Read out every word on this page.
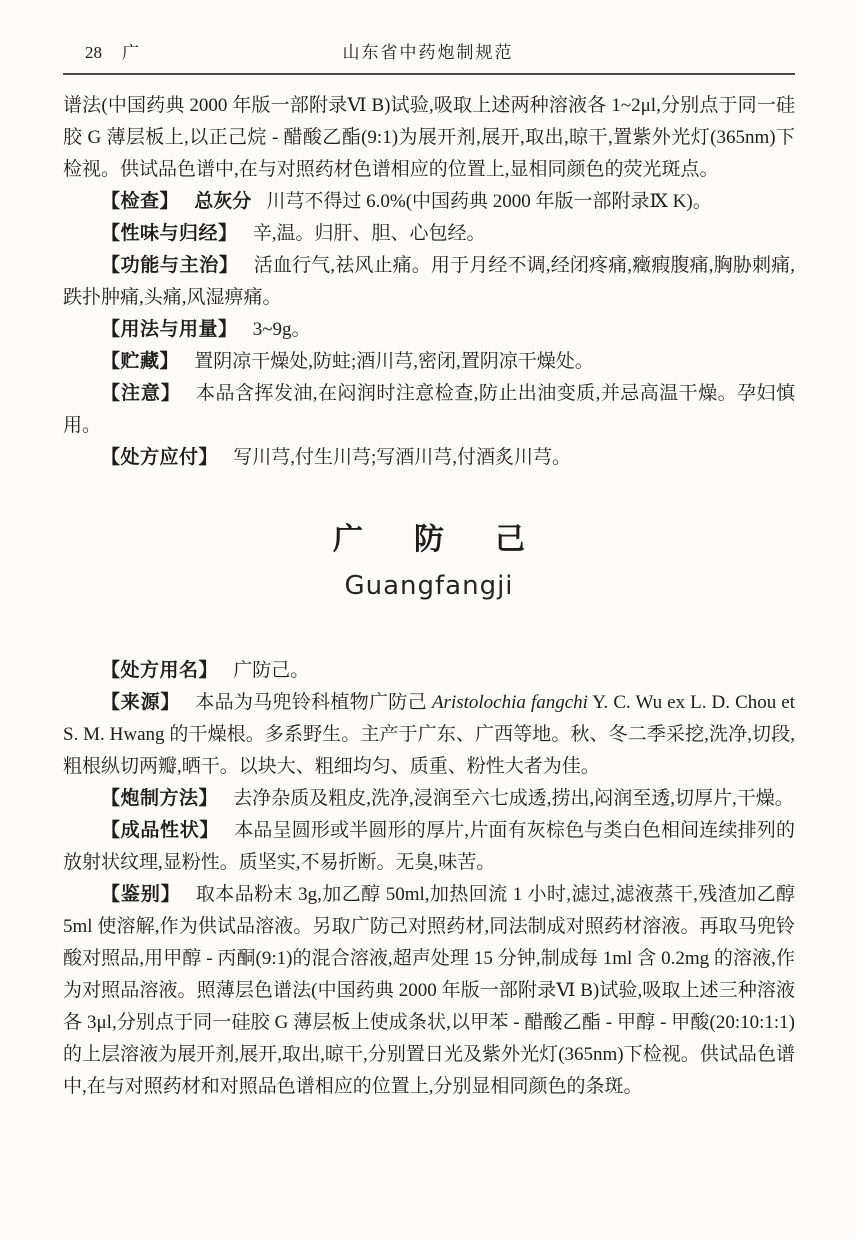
28 广	山东省中药炮制规范

谱法(中国药典 2000 年版一部附录Ⅵ B)试验,吸取上述两种溶液各 1~2μl,分别点于同一硅胶 G 薄层板上,以正己烷 - 醋酸乙酯(9:1)为展开剂,展开,取出,晾干,置紫外光灯(365nm)下检视。供试品色谱中,在与对照药材色谱相应的位置上,显相同颜色的荧光斑点。

【检查】 总灰分 川芎不得过 6.0%(中国药典 2000 年版一部附录Ⅸ K)。

【性味与归经】 辛,温。归肝、胆、心包经。

【功能与主治】 活血行气,祛风止痛。用于月经不调,经闭疼痛,癥瘕腹痛,胸胁刺痛,跌扑肿痛,头痛,风湿痹痛。

【用法与用量】 3~9g。

【贮藏】 置阴凉干燥处,防蛀;酒川芎,密闭,置阴凉干燥处。

【注意】 本品含挥发油,在闷润时注意检查,防止出油变质,并忌高温干燥。孕妇慎用。

【处方应付】 写川芎,付生川芎;写酒川芎,付酒炙川芎。

广防己
Guangfangji

【处方用名】 广防己。

【来源】 本品为马兜铃科植物广防己 Aristolochia fangchi Y. C. Wu ex L. D. Chou et S. M. Hwang 的干燥根。多系野生。主产于广东、广西等地。秋、冬二季采挖,洗净,切段,粗根纵切两瓣,晒干。以块大、粗细均匀、质重、粉性大者为佳。

【炮制方法】 去净杂质及粗皮,洗净,浸润至六七成透,捞出,闷润至透,切厚片,干燥。

【成品性状】 本品呈圆形或半圆形的厚片,片面有灰棕色与类白色相间连续排列的放射状纹理,显粉性。质坚实,不易折断。无臭,味苦。

【鉴别】 取本品粉末 3g,加乙醇 50ml,加热回流 1 小时,滤过,滤液蒸干,残渣加乙醇 5ml 使溶解,作为供试品溶液。另取广防己对照药材,同法制成对照药材溶液。再取马兜铃酸对照品,用甲醇 - 丙酮(9:1)的混合溶液,超声处理 15 分钟,制成每 1ml 含 0.2mg 的溶液,作为对照品溶液。照薄层色谱法(中国药典 2000 年版一部附录Ⅵ B)试验,吸取上述三种溶液各 3μl,分别点于同一硅胶 G 薄层板上使成条状,以甲苯 - 醋酸乙酯 - 甲醇 - 甲酸(20:10:1:1)的上层溶液为展开剂,展开,取出,晾干,分别置日光及紫外光灯(365nm)下检视。供试品色谱中,在与对照药材和对照品色谱相应的位置上,分别显相同颜色的条斑。
